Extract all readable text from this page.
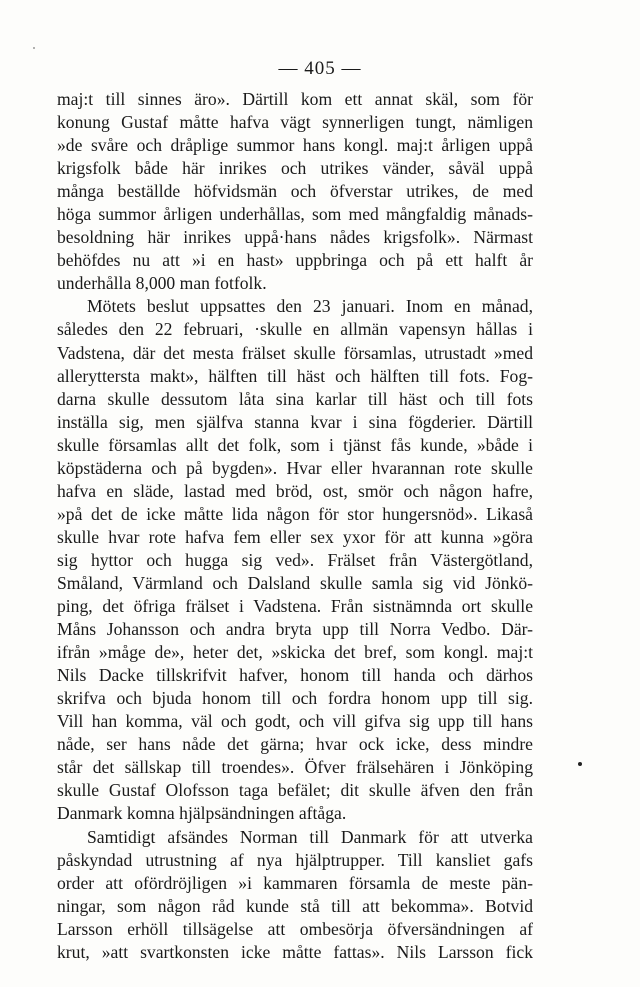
— 405 —
maj:t till sinnes äro». Därtill kom ett annat skäl, som för
konung Gustaf måtte hafva vägt synnerligen tungt, nämligen
»de svåre och dråplige summor hans kongl. maj:t årligen uppå
krigsfolk både här inrikes och utrikes vänder, såväl uppå
många beställde höfvidsmän och öfverstar utrikes, de med
höga summor årligen underhållas, som med mångfaldig månads-
besoldning här inrikes uppå·hans nådes krigsfolk». Närmast
behöfdes nu att »i en hast» uppbringa och på ett halft år
underhålla 8,000 man fotfolk.
Mötets beslut uppsattes den 23 januari. Inom en månad,
således den 22 februari, ·skulle en allmän vapensyn hållas i
Vadstena, där det mesta frälset skulle församlas, utrustadt »med
allerytterstа makt», hälften till häst och hälften till fots. Fog-
darna skulle dessutom låta sina karlar till häst och till fots
inställa sig, men själfva stanna kvar i sina fögderier. Därtill
skulle församlas allt det folk, som i tjänst fås kunde, »både i
köpstäderna och på bygden». Hvar eller hvarannan rote skulle
hafva en släde, lastad med bröd, ost, smör och någon hafre,
»på det de icke måtte lida någon för stor hungersnöd». Likaså
skulle hvar rote hafva fem eller sex yxor för att kunna »göra
sig hyttor och hugga sig ved». Frälset från Västergötland,
Småland, Värmland och Dalsland skulle samla sig vid Jönkö-
ping, det öfriga frälset i Vadstena. Från sistnämnda ort skulle
Måns Johansson och andra bryta upp till Norra Vedbo. Där-
ifrån »måge de», heter det, »skicka det bref, som kongl. maj:t
Nils Dacke tillskrifvit hafver, honom till handa och därhos
skrifva och bjuda honom till och fordra honom upp till sig.
Vill han komma, väl och godt, och vill gifva sig upp till hans
nåde, ser hans nåde det gärna; hvar ock icke, dess mindre
står det sällskap till troendes». Öfver frälsehären i Jönköping
skulle Gustaf Olofsson taga befälet; dit skulle äfven den från
Danmark komna hjälpsändningen aftåga.
Samtidigt afsändes Norman till Danmark för att utverka
påskyndad utrustning af nya hjälptrupper. Till kansliet gafs
order att ofördröjligen »i kammaren församla de meste pän-
ningar, som någon råd kunde stå till att bekomma». Botvid
Larsson erhöll tillsägelse att ombesörja öfversändningen af
krut, »att svartkonsten icke måtte fattas». Nils Larsson fick
